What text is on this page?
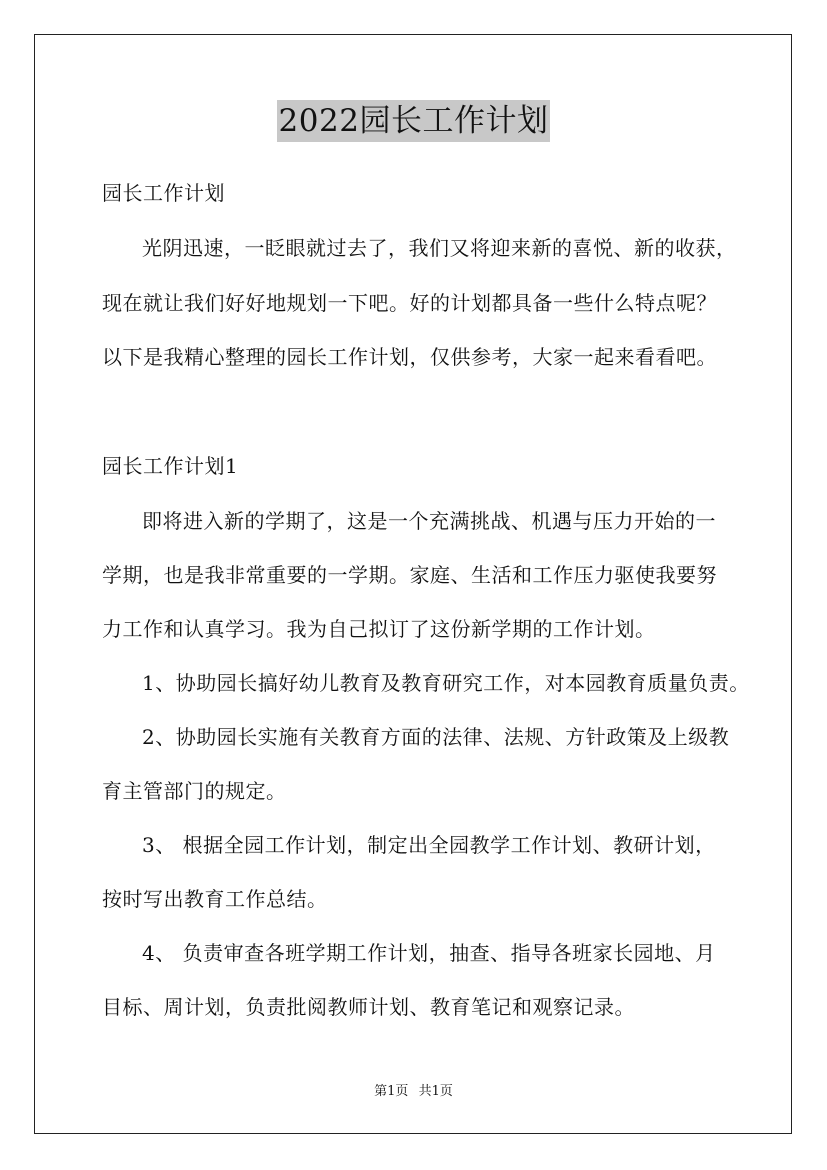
2022园长工作计划
园长工作计划
光阴迅速，一眨眼就过去了，我们又将迎来新的喜悦、新的收获，
现在就让我们好好地规划一下吧。好的计划都具备一些什么特点呢？
以下是我精心整理的园长工作计划，仅供参考，大家一起来看看吧。
园长工作计划1
即将进入新的学期了，这是一个充满挑战、机遇与压力开始的一
学期，也是我非常重要的一学期。家庭、生活和工作压力驱使我要努
力工作和认真学习。我为自己拟订了这份新学期的工作计划。
1、协助园长搞好幼儿教育及教育研究工作，对本园教育质量负责。
2、协助园长实施有关教育方面的法律、法规、方针政策及上级教
育主管部门的规定。
3、 根据全园工作计划，制定出全园教学工作计划、教研计划，
按时写出教育工作总结。
4、 负责审查各班学期工作计划，抽查、指导各班家长园地、月
目标、周计划，负责批阅教师计划、教育笔记和观察记录。
第1页 共1页
